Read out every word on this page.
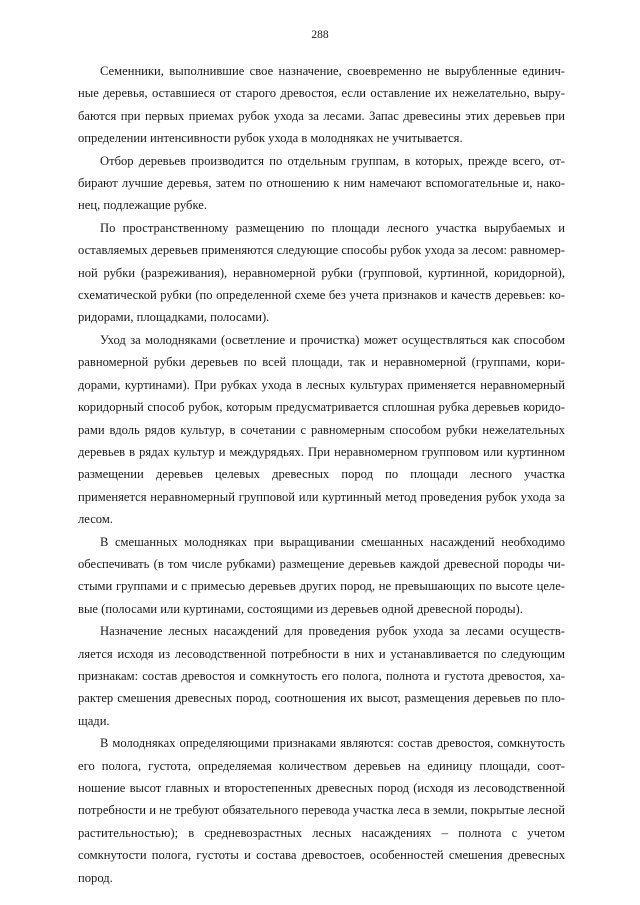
288

Семенники, выполнившие свое назначение, своевременно не вырубленные единичные деревья, оставшиеся от старого древостоя, если оставление их нежелательно, вырубаются при первых приемах рубок ухода за лесами. Запас древесины этих деревьев при определении интенсивности рубок ухода в молодняках не учитывается.

Отбор деревьев производится по отдельным группам, в которых, прежде всего, отбирают лучшие деревья, затем по отношению к ним намечают вспомогательные и, наконец, подлежащие рубке.

По пространственному размещению по площади лесного участка вырубаемых и оставляемых деревьев применяются следующие способы рубок ухода за лесом: равномерной рубки (разреживания), неравномерной рубки (групповой, куртинной, коридорной), схематической рубки (по определенной схеме без учета признаков и качеств деревьев: коридорами, площадками, полосами).

Уход за молодняками (осветление и прочистка) может осуществляться как способом равномерной рубки деревьев по всей площади, так и неравномерной (группами, коридорами, куртинами). При рубках ухода в лесных культурах применяется неравномерный коридорный способ рубок, которым предусматривается сплошная рубка деревьев коридорами вдоль рядов культур, в сочетании с равномерным способом рубки нежелательных деревьев в рядах культур и междурядьях. При неравномерном групповом или куртинном размещении деревьев целевых древесных пород по площади лесного участка применяется неравномерный групповой или куртинный метод проведения рубок ухода за лесом.

В смешанных молодняках при выращивании смешанных насаждений необходимо обеспечивать (в том числе рубками) размещение деревьев каждой древесной породы чистыми группами и с примесью деревьев других пород, не превышающих по высоте целевые (полосами или куртинами, состоящими из деревьев одной древесной породы).

Назначение лесных насаждений для проведения рубок ухода за лесами осуществляется исходя из лесоводственной потребности в них и устанавливается по следующим признакам: состав древостоя и сомкнутость его полога, полнота и густота древостоя, характер смешения древесных пород, соотношения их высот, размещения деревьев по площади.

В молодняках определяющими признаками являются: состав древостоя, сомкнутость его полога, густота, определяемая количеством деревьев на единицу площади, соотношение высот главных и второстепенных древесных пород (исходя из лесоводственной потребности и не требуют обязательного перевода участка леса в земли, покрытые лесной растительностью); в средневозрастных лесных насаждениях – полнота с учетом сомкнутости полога, густоты и состава древостоев, особенностей смешения древесных пород.
